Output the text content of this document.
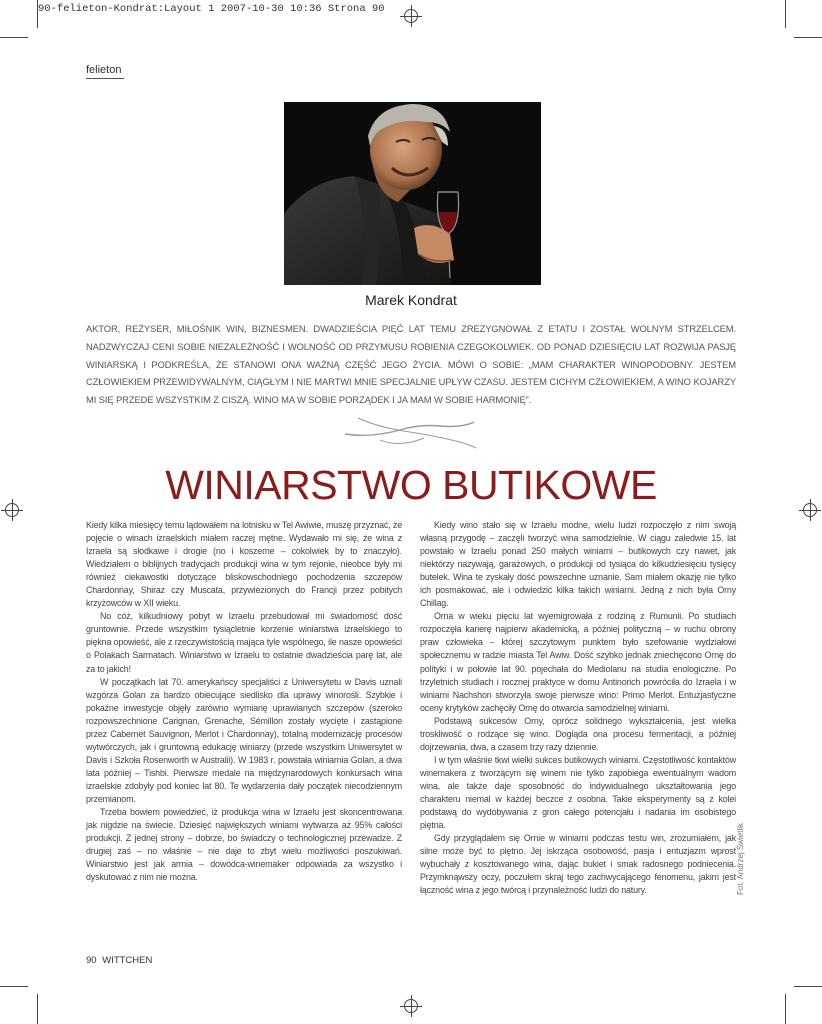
90-felieton-Kondrat:Layout 1 2007-10-30 10:36 Strona 90
felieton
Marek Kondrat
AKTOR, REŻYSER, MIŁOŚNIK WIN, BIZNESMEN. DWADZIEŚCIA PIĘĆ LAT TEMU ZREZYGNOWAŁ Z ETATU I ZOSTAŁ WOLNYM STRZELCEM. NADZWYCZAJ CENI SOBIE NIEZALEŻNOŚĆ I WOLNOŚĆ OD PRZYMUSU ROBIENIA CZEGOKOLWIEK. OD PONAD DZIESIĘCIU LAT ROZWIJA PASJĘ WINIARSKĄ I PODKREŚLA, ŻE STANOWI ONA WAŻNĄ CZĘŚĆ JEGO ŻYCIA. MÓWI O SOBIE: „MAM CHARAKTER WINOPODOBNY. JESTEM CZŁOWIEKIEM PRZEWIDYWALNYM, CIĄGŁYM I NIE MARTWI MNIE SPECJALNIE UPŁYW CZASU. JESTEM CICHYM CZŁOWIEKIEM, A WINO KOJARZY MI SIĘ PRZEDE WSZYSTKIM Z CISZĄ. WINO MA W SOBIE PORZĄDEK I JA MAM W SOBIE HARMONIĘ”.
WINIARSTWO BUTIKOWE

Kiedy kilka miesięcy temu lądowałem na lotnisku w Tel Awiwie, muszę przyznać, że pojęcie o winach izraelskich miałem raczej mętne. Wydawało mi się, że wina z Izraela są słodkawe i drogie (no i koszerne – cokolwiek by to znaczyło). Wiedziałem o biblijnych tradycjach produkcji wina w tym rejonie, nieobce były mi również ciekawostki dotyczące bliskowschodniego pochodzenia szczepów Chardonnay, Shiraz czy Muscata, przywiezionych do Francji przez pobitych krzyżowców w XII wieku.

No cóż, kilkudniowy pobyt w Izraelu przebudował mi świadomość dość gruntownie. Przede wszystkim tysiącletnie korzenie winiarstwa izraelskiego to piękna opowieść, ale z rzeczywistością mająca tyle wspólnego, ile nasze opowieści o Polakach Sarmatach. Winiarstwo w Izraelu to ostatnie dwadzieścia parę lat, ale za to jakich!

W początkach lat 70. amerykańscy specjaliści z Uniwersytetu w Davis uznali wzgórza Golan za bardzo obiecujące siedlisko dla uprawy winorośli. Szybkie i pokaźne inwestycje objęły zarówno wymianę uprawianych szczepów (szeroko rozpowszechnione Carignan, Grenache, Sémillon zostały wycięte i zastąpione przez Cabernet Sauvignon, Merlot i Chardonnay), totalną modernizację procesów wytwórczych, jak i gruntowną edukację winiarzy (przede wszystkim Uniwersytet w Davis i Szkoła Rosenworth w Australii). W 1983 r. powstała winiarnia Golan, a dwa lata później – Tishbi. Pierwsze medale na międzynarodowych konkursach wina izraelskie zdobyły pod koniec lat 80. Te wydarzenia dały początek niecodziennym przemianom.

Trzeba bowiem powiedzieć, iż produkcja wina w Izraelu jest skoncentrowana jak nigdzie na świecie. Dziesięć największych winiarni wytwarza aż 95% całości produkcji. Z jednej strony – dobrze, bo świadczy o technologicznej przewadze. Z drugiej zaś – no właśnie – nie daje to zbyt wielu możliwości poszukiwań. Winiarstwo jest jak armia – dowódca-winemaker odpowiada za wszystko i dyskutować z nim nie można.

Kiedy wino stało się w Izraelu modne, wielu ludzi rozpoczęło z nim swoją własną przygodę – zaczęli tworzyć wina samodzielnie. W ciągu zaledwie 15. lat powstało w Izraelu ponad 250 małych winiarni – butikowych czy nawet, jak niektórzy nazywają, garażowych, o produkcji od tysiąca do kilkudziesięciu tysięcy butelek. Wina te zyskały dość powszechne uznanie. Sam miałem okazję nie tylko ich posmakować, ale i odwiedzić kilka takich winiarni. Jedną z nich była Orny Chillag.

Orna w wieku pięciu lat wyemigrowała z rodziną z Rumunii. Po studiach rozpoczęła karierę najpierw akademicką, a później polityczną – w ruchu obrony praw człowieka – której szczytowym punktem było szefowanie wydziałowi społecznemu w radzie miasta Tel Awiw. Dość szybko jednak zniechęcono Ornę do polityki i w połowie lat 90. pojechała do Mediolanu na studia enologiczne. Po trzyletnich studiach i rocznej praktyce w domu Antinorich powróciła do Izraela i w winiarni Nachshon stworzyła swoje pierwsze wino: Primo Merlot. Entuzjastyczne oceny krytyków zachęciły Ornę do otwarcia samodzielnej winiarni.

Podstawą sukcesów Orny, oprócz solidnego wykształcenia, jest wielka troskliwość o rodzące się wino. Dogląda ona procesu fermentacji, a później dojrzewania, dwa, a czasem trzy razy dziennie.

I w tym właśnie tkwi wielki sukces butikowych winiarni. Częstotliwość kontaktów winemakera z tworzącym się winem nie tylko zapobiega ewentualnym wadom wina, ale także daje sposobność do indywidualnego ukształtowania jego charakteru niemal w każdej beczce z osobna. Takie eksperymenty są z kolei podstawą do wydobywania z gron całego potencjału i nadania im osobistego piętna.

Gdy przyglądałem się Ornie w winiarni podczas testu win, zrozumiałem, jak silne może być to piętno. Jej iskrząca osobowość, pasja i entuzjazm wprost wybuchały z kosztowanego wina, dając bukiet i smak radosnego podniecenia. Przymknąwszy oczy, poczułem skraj tego zachwycającego fenomenu, jakim jest łączność wina z jego twórcą i przynależność ludzi do natury.	Fot. Andrzej Świetlik
90 WITTCHEN
